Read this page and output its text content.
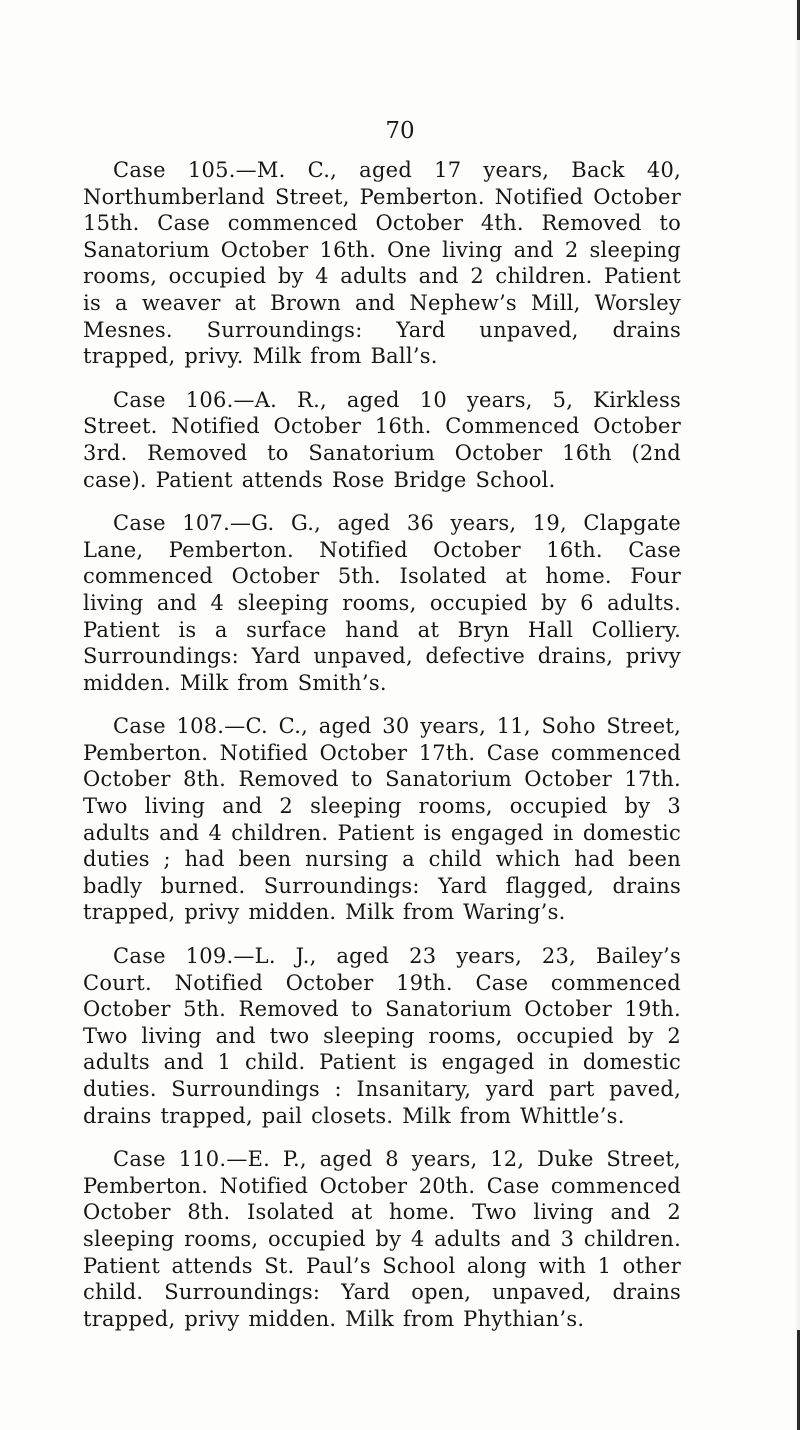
70

Case 105.—M. C., aged 17 years, Back 40, Northumberland Street, Pemberton. Notified October 15th. Case commenced October 4th. Removed to Sanatorium October 16th. One living and 2 sleeping rooms, occupied by 4 adults and 2 children. Patient is a weaver at Brown and Nephew’s Mill, Worsley Mesnes. Surroundings: Yard unpaved, drains trapped, privy. Milk from Ball’s.

Case 106.—A. R., aged 10 years, 5, Kirkless Street. Notified October 16th. Commenced October 3rd. Removed to Sanatorium October 16th (2nd case). Patient attends Rose Bridge School.

Case 107.—G. G., aged 36 years, 19, Clapgate Lane, Pemberton. Notified October 16th. Case commenced October 5th. Isolated at home. Four living and 4 sleeping rooms, occupied by 6 adults. Patient is a surface hand at Bryn Hall Colliery. Surroundings: Yard unpaved, defective drains, privy midden. Milk from Smith’s.

Case 108.—C. C., aged 30 years, 11, Soho Street, Pemberton. Notified October 17th. Case commenced October 8th. Removed to Sanatorium October 17th. Two living and 2 sleeping rooms, occupied by 3 adults and 4 children. Patient is engaged in domestic duties ; had been nursing a child which had been badly burned. Surroundings: Yard flagged, drains trapped, privy midden. Milk from Waring’s.

Case 109.—L. J., aged 23 years, 23, Bailey’s Court. Notified October 19th. Case commenced October 5th. Removed to Sanatorium October 19th. Two living and two sleeping rooms, occupied by 2 adults and 1 child. Patient is engaged in domestic duties. Surroundings : Insanitary, yard part paved, drains trapped, pail closets. Milk from Whittle’s.

Case 110.—E. P., aged 8 years, 12, Duke Street, Pemberton. Notified October 20th. Case commenced October 8th. Isolated at home. Two living and 2 sleeping rooms, occupied by 4 adults and 3 children. Patient attends St. Paul’s School along with 1 other child. Surroundings: Yard open, unpaved, drains trapped, privy midden. Milk from Phythian’s.
